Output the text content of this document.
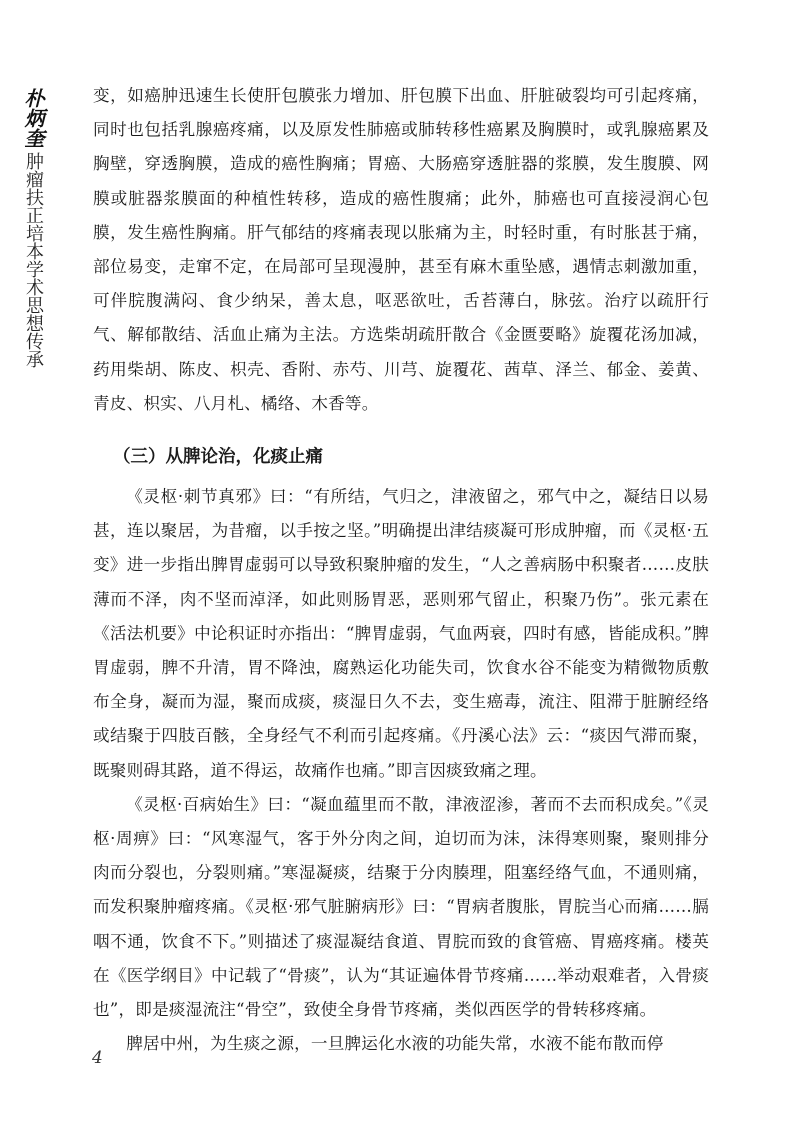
朴炳奎
肿瘤扶正培本学术思想传承

变，如癌肿迅速生长使肝包膜张力增加、肝包膜下出血、肝脏破裂均可引起疼痛，同时也包括乳腺癌疼痛，以及原发性肺癌或肺转移性癌累及胸膜时，或乳腺癌累及胸壁，穿透胸膜，造成的癌性胸痛；胃癌、大肠癌穿透脏器的浆膜，发生腹膜、网膜或脏器浆膜面的种植性转移，造成的癌性腹痛；此外，肺癌也可直接浸润心包膜，发生癌性胸痛。肝气郁结的疼痛表现以胀痛为主，时轻时重，有时胀甚于痛，部位易变，走窜不定，在局部可呈现漫肿，甚至有麻木重坠感，遇情志刺激加重，可伴脘腹满闷、食少纳呆，善太息，呕恶欲吐，舌苔薄白，脉弦。治疗以疏肝行气、解郁散结、活血止痛为主法。方选柴胡疏肝散合《金匮要略》旋覆花汤加减，药用柴胡、陈皮、枳壳、香附、赤芍、川芎、旋覆花、茜草、泽兰、郁金、姜黄、青皮、枳实、八月札、橘络、木香等。

（三）从脾论治，化痰止痛

《灵枢·刺节真邪》曰：“有所结，气归之，津液留之，邪气中之，凝结日以易甚，连以聚居，为昔瘤，以手按之坚。”明确提出津结痰凝可形成肿瘤，而《灵枢·五变》进一步指出脾胃虚弱可以导致积聚肿瘤的发生，“人之善病肠中积聚者……皮肤薄而不泽，肉不坚而淖泽，如此则肠胃恶，恶则邪气留止，积聚乃伤”。张元素在《活法机要》中论积证时亦指出：“脾胃虚弱，气血两衰，四时有感，皆能成积。”脾胃虚弱，脾不升清，胃不降浊，腐熟运化功能失司，饮食水谷不能变为精微物质敷布全身，凝而为湿，聚而成痰，痰湿日久不去，变生癌毒，流注、阻滞于脏腑经络或结聚于四肢百骸，全身经气不利而引起疼痛。《丹溪心法》云：“痰因气滞而聚，既聚则碍其路，道不得运，故痛作也痛。”即言因痰致痛之理。

《灵枢·百病始生》曰：“凝血蕴里而不散，津液涩渗，著而不去而积成矣。”《灵枢·周痹》曰：“风寒湿气，客于外分肉之间，迫切而为沫，沫得寒则聚，聚则排分肉而分裂也，分裂则痛。”寒湿凝痰，结聚于分肉腠理，阻塞经络气血，不通则痛，而发积聚肿瘤疼痛。《灵枢·邪气脏腑病形》曰：“胃病者腹胀，胃脘当心而痛……膈咽不通，饮食不下。”则描述了痰湿凝结食道、胃脘而致的食管癌、胃癌疼痛。楼英在《医学纲目》中记载了“骨痰”，认为“其证遍体骨节疼痛……举动艰难者，入骨痰也”，即是痰湿流注“骨空”，致使全身骨节疼痛，类似西医学的骨转移疼痛。

脾居中州，为生痰之源，一旦脾运化水液的功能失常，水液不能布散而停

4
